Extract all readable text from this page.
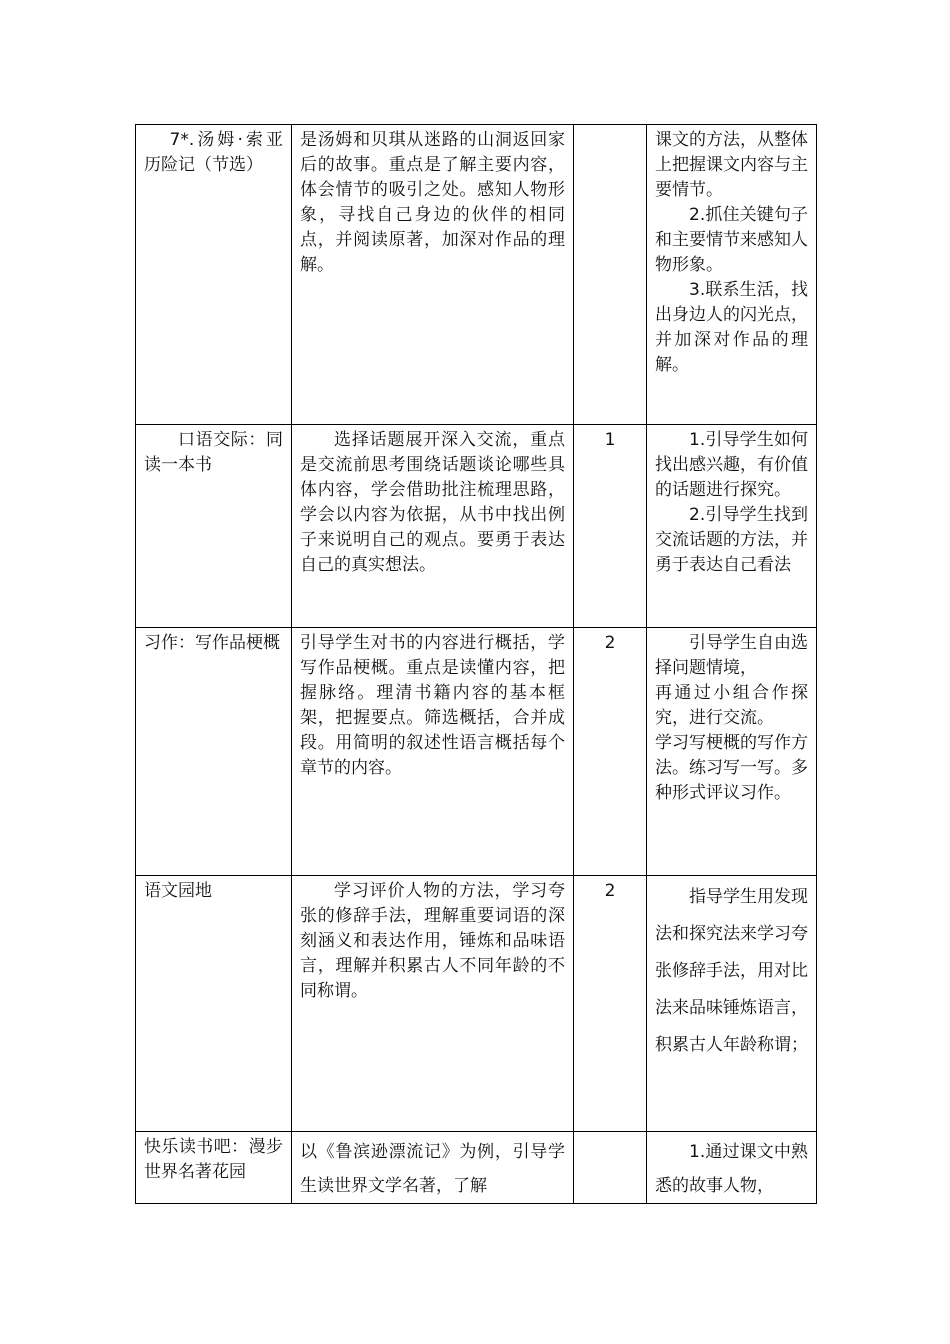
7*.汤姆·索亚历险记（节选）	是汤姆和贝琪从迷路的山洞返回家后的故事。重点是了解主要内容，体会情节的吸引之处。感知人物形象，寻找自己身边的伙伴的相同点，并阅读原著，加深对作品的理解。		课文的方法，从整体上把握课文内容与主要情节。

2.抓住关键句子和主要情节来感知人物形象。

3.联系生活，找出身边人的闪光点，并加深对作品的理解。

口语交际：同读一本书	选择话题展开深入交流，重点是交流前思考围绕话题谈论哪些具体内容，学会借助批注梳理思路，学会以内容为依据，从书中找出例子来说明自己的观点。要勇于表达自己的真实想法。	1	1.引导学生如何找出感兴趣，有价值的话题进行探究。

2.引导学生找到交流话题的方法，并勇于表达自己看法

习作：写作品梗概	引导学生对书的内容进行概括，学写作品梗概。重点是读懂内容，把握脉络。理清书籍内容的基本框架，把握要点。筛选概括，合并成段。用简明的叙述性语言概括每个章节的内容。	2	引导学生自由选择问题情境，

再通过小组合作探究，进行交流。

学习写梗概的写作方法。练习写一写。多种形式评议习作。

语文园地	学习评价人物的方法，学习夸张的修辞手法，理解重要词语的深刻涵义和表达作用，锤炼和品味语言，理解并积累古人不同年龄的不同称谓。	2	指导学生用发现法和探究法来学习夸张修辞手法，用对比法来品味锤炼语言，积累古人年龄称谓；

快乐读书吧：漫步世界名著花园	以《鲁滨逊漂流记》为例，引导学生读世界文学名著，了解		1.通过课文中熟悉的故事人物，
